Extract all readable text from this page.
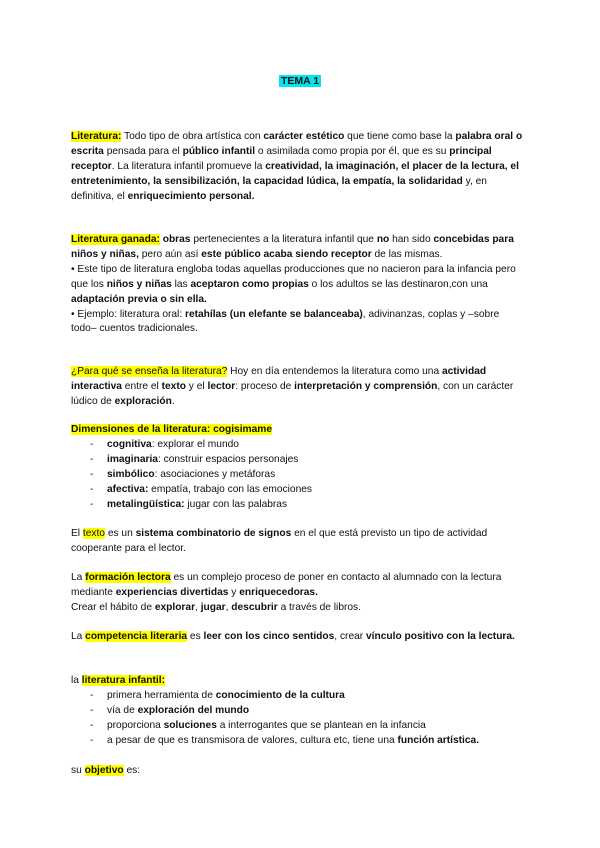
TEMA 1
Literatura: Todo tipo de obra artística con carácter estético que tiene como base la palabra oral o escrita pensada para el público infantil o asimilada como propia por él, que es su principal receptor. La literatura infantil promueve la creatividad, la imaginación, el placer de la lectura, el entretenimiento, la sensibilización, la capacidad lúdica, la empatía, la solidaridad y, en definitiva, el enriquecimiento personal.
Literatura ganada: obras pertenecientes a la literatura infantil que no han sido concebidas para niños y niñas, pero aún así este público acaba siendo receptor de las mismas.
• Este tipo de literatura engloba todas aquellas producciones que no nacieron para la infancia pero que los niños y niñas las aceptaron como propias o los adultos se las destinaron,con una adaptación previa o sin ella.
• Ejemplo: literatura oral: retahílas (un elefante se balanceaba), adivinanzas, coplas y –sobre todo– cuentos tradicionales.
¿Para qué se enseña la literatura? Hoy en día entendemos la literatura como una actividad interactiva entre el texto y el lector: proceso de interpretación y comprensión, con un carácter lúdico de exploración.
Dimensiones de la literatura: cogisimame
- cognitiva: explorar el mundo
- imaginaria: construir espacios personajes
- simbólico: asociaciones y metáforas
- afectiva: empatía, trabajo con las emociones
- metalingüística: jugar con las palabras
El texto es un sistema combinatorio de signos en el que está previsto un tipo de actividad cooperante para el lector.
La formación lectora es un complejo proceso de poner en contacto al alumnado con la lectura mediante experiencias divertidas y enriquecedoras.
Crear el hábito de explorar, jugar, descubrir a través de libros.
La competencia literaria es leer con los cinco sentidos, crear vínculo positivo con la lectura.
la literatura infantil:
- primera herramienta de conocimiento de la cultura
- vía de exploración del mundo
- proporciona soluciones a interrogantes que se plantean en la infancia
- a pesar de que es transmisora de valores, cultura etc, tiene una función artística.
su objetivo es:
